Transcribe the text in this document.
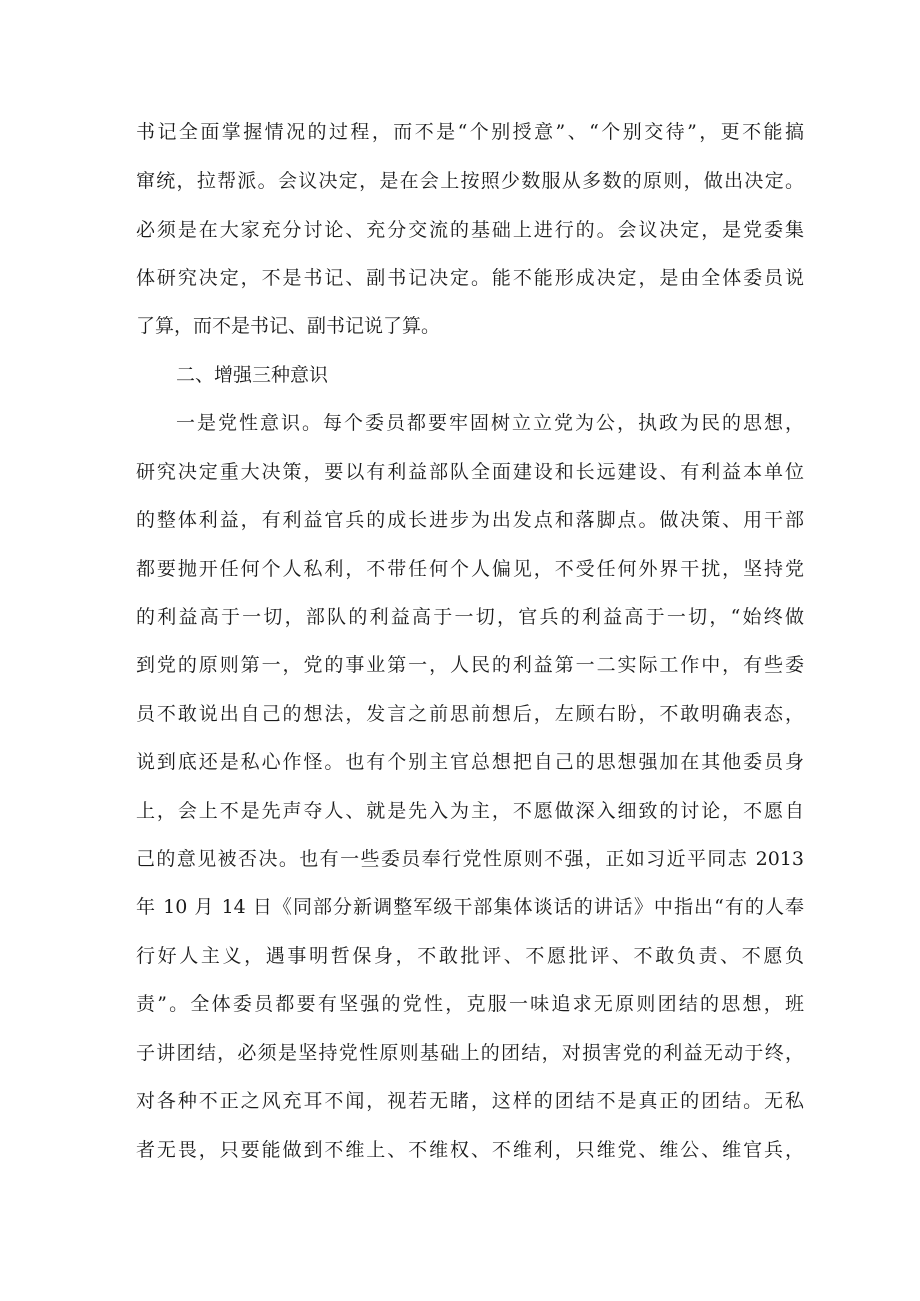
书记全面掌握情况的过程，而不是“个别授意”、“个别交待”，更不能搞
窜统，拉帮派。会议决定，是在会上按照少数服从多数的原则，做出决定。
必须是在大家充分讨论、充分交流的基础上进行的。会议决定，是党委集
体研究决定，不是书记、副书记决定。能不能形成决定，是由全体委员说
了算，而不是书记、副书记说了算。
二、增强三种意识
一是党性意识。每个委员都要牢固树立立党为公，执政为民的思想，
研究决定重大决策，要以有利益部队全面建设和长远建设、有利益本单位
的整体利益，有利益官兵的成长进步为出发点和落脚点。做决策、用干部
都要抛开任何个人私利，不带任何个人偏见，不受任何外界干扰，坚持党
的利益高于一切，部队的利益高于一切，官兵的利益高于一切，“始终做
到党的原则第一，党的事业第一，人民的利益第一二实际工作中，有些委
员不敢说出自己的想法，发言之前思前想后，左顾右盼，不敢明确表态，
说到底还是私心作怪。也有个别主官总想把自己的思想强加在其他委员身
上，会上不是先声夺人、就是先入为主，不愿做深入细致的讨论，不愿自
己的意见被否决。也有一些委员奉行党性原则不强，正如习近平同志 2013
年 10 月 14 日《同部分新调整军级干部集体谈话的讲话》中指出“有的人奉
行好人主义，遇事明哲保身，不敢批评、不愿批评、不敢负责、不愿负
责”。全体委员都要有坚强的党性，克服一味追求无原则团结的思想，班
子讲团结，必须是坚持党性原则基础上的团结，对损害党的利益无动于终，
对各种不正之风充耳不闻，视若无睹，这样的团结不是真正的团结。无私
者无畏，只要能做到不维上、不维权、不维利，只维党、维公、维官兵，
